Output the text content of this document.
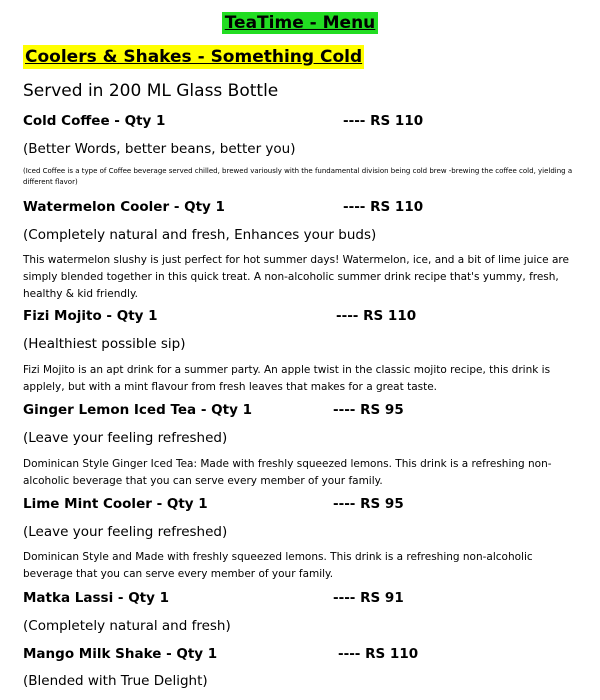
TeaTime - Menu
Coolers & Shakes - Something Cold
Served in 200 ML Glass Bottle
Cold Coffee - Qty 1	---- RS 110
(Better Words, better beans, better you)
(Iced Coffee is a type of Coffee beverage served chilled, brewed variously with the fundamental division being cold brew -brewing the coffee cold, yielding a different flavor)
Watermelon Cooler - Qty 1	---- RS 110
(Completely natural and fresh, Enhances your buds)
This watermelon slushy is just perfect for hot summer days! Watermelon, ice, and a bit of lime juice are simply blended together in this quick treat. A non-alcoholic summer drink recipe that's yummy, fresh, healthy & kid friendly.
Fizi Mojito - Qty 1	---- RS 110
(Healthiest possible sip)
Fizi Mojito is an apt drink for a summer party. An apple twist in the classic mojito recipe, this drink is applely, but with a mint flavour from fresh leaves that makes for a great taste.
Ginger Lemon Iced Tea - Qty 1	---- RS 95
(Leave your feeling refreshed)
Dominican Style Ginger Iced Tea: Made with freshly squeezed lemons. This drink is a refreshing non-alcoholic beverage that you can serve every member of your family.
Lime Mint Cooler - Qty 1	---- RS 95
(Leave your feeling refreshed)
Dominican Style and Made with freshly squeezed lemons. This drink is a refreshing non-alcoholic beverage that you can serve every member of your family.
Matka Lassi - Qty 1	---- RS 91
(Completely natural and fresh)
Mango Milk Shake - Qty 1	---- RS 110
(Blended with True Delight)
